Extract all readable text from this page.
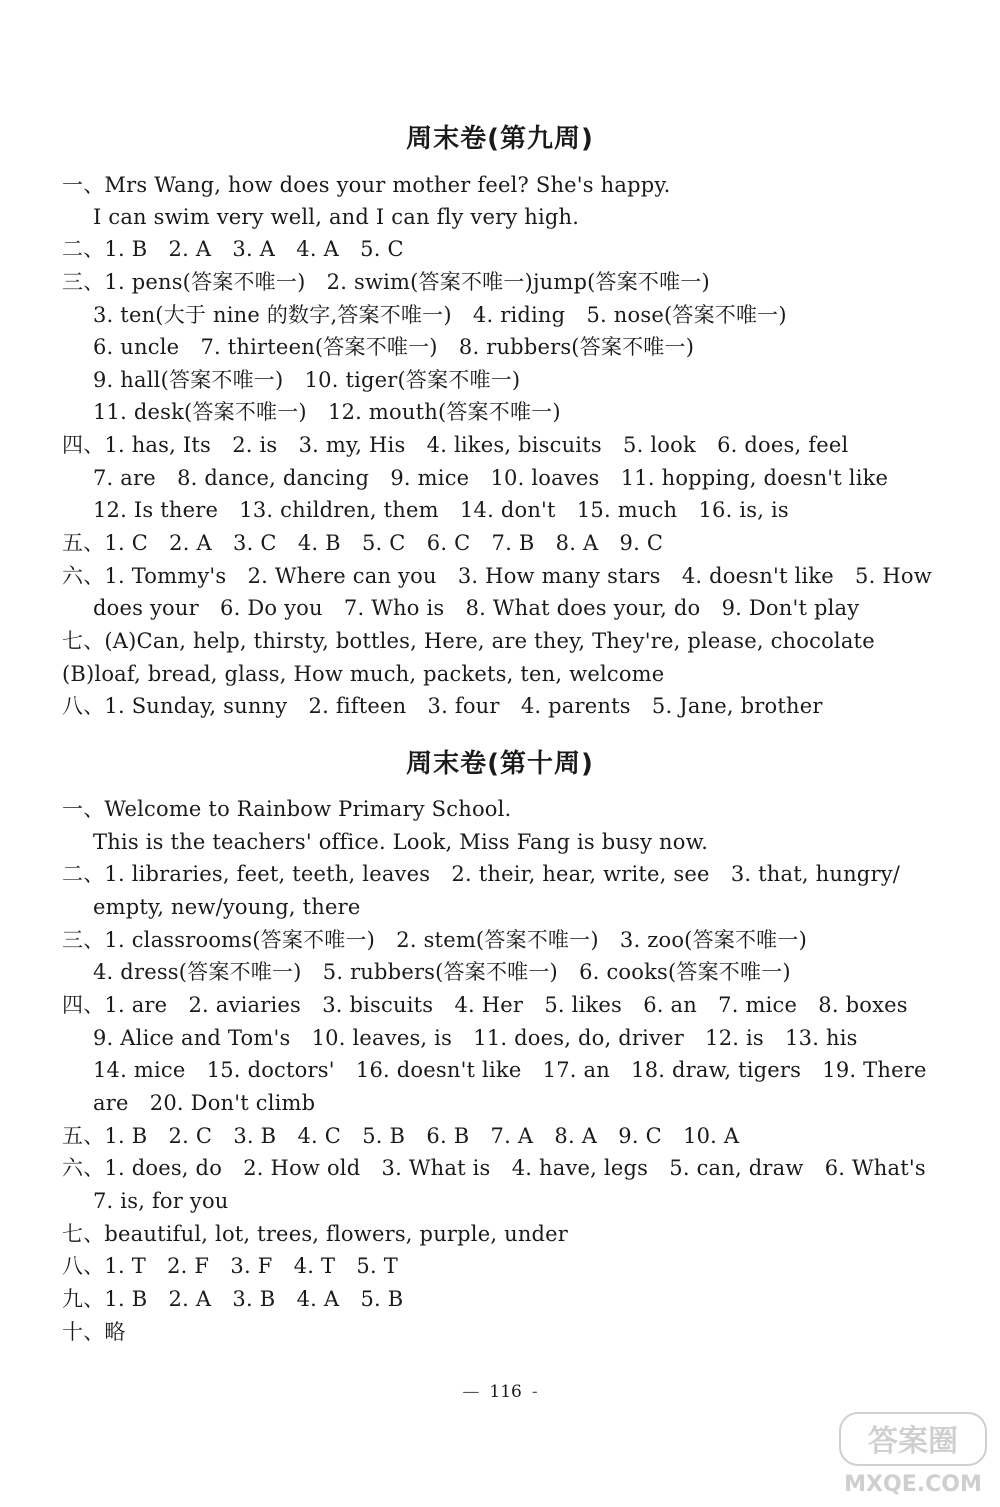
周末卷(第九周)

一、Mrs Wang, how does your mother feel? She's happy.

I can swim very well, and I can fly very high.

二、1. B　2. A　3. A　4. A　5. C

三、1. pens(答案不唯一)　2. swim(答案不唯一)jump(答案不唯一)

3. ten(大于 nine 的数字,答案不唯一)　4. riding　5. nose(答案不唯一)

6. uncle　7. thirteen(答案不唯一)　8. rubbers(答案不唯一)

9. hall(答案不唯一)　10. tiger(答案不唯一)

11. desk(答案不唯一)　12. mouth(答案不唯一)

四、1. has, Its　2. is　3. my, His　4. likes, biscuits　5. look　6. does, feel

7. are　8. dance, dancing　9. mice　10. loaves　11. hopping, doesn't like

12. Is there　13. children, them　14. don't　15. much　16. is, is

五、1. C　2. A　3. C　4. B　5. C　6. C　7. B　8. A　9. C

六、1. Tommy's　2. Where can you　3. How many stars　4. doesn't like　5. How

does your　6. Do you　7. Who is　8. What does your, do　9. Don't play

七、(A)Can, help, thirsty, bottles, Here, are they, They're, please, chocolate

(B)loaf, bread, glass, How much, packets, ten, welcome

八、1. Sunday, sunny　2. fifteen　3. four　4. parents　5. Jane, brother

周末卷(第十周)

一、Welcome to Rainbow Primary School.

This is the teachers' office. Look, Miss Fang is busy now.

二、1. libraries, feet, teeth, leaves　2. their, hear, write, see　3. that, hungry/

empty, new/young, there

三、1. classrooms(答案不唯一)　2. stem(答案不唯一)　3. zoo(答案不唯一)

4. dress(答案不唯一)　5. rubbers(答案不唯一)　6. cooks(答案不唯一)

四、1. are　2. aviaries　3. biscuits　4. Her　5. likes　6. an　7. mice　8. boxes

9. Alice and Tom's　10. leaves, is　11. does, do, driver　12. is　13. his

14. mice　15. doctors'　16. doesn't like　17. an　18. draw, tigers　19. There

are　20. Don't climb

五、1. B　2. C　3. B　4. C　5. B　6. B　7. A　8. A　9. C　10. A

六、1. does, do　2. How old　3. What is　4. have, legs　5. can, draw　6. What's

7. is, for you

七、beautiful, lot, trees, flowers, purple, under

八、1. T　2. F　3. F　4. T　5. T

九、1. B　2. A　3. B　4. A　5. B

十、略

— 116 -
答案圈
MXQE.COM
